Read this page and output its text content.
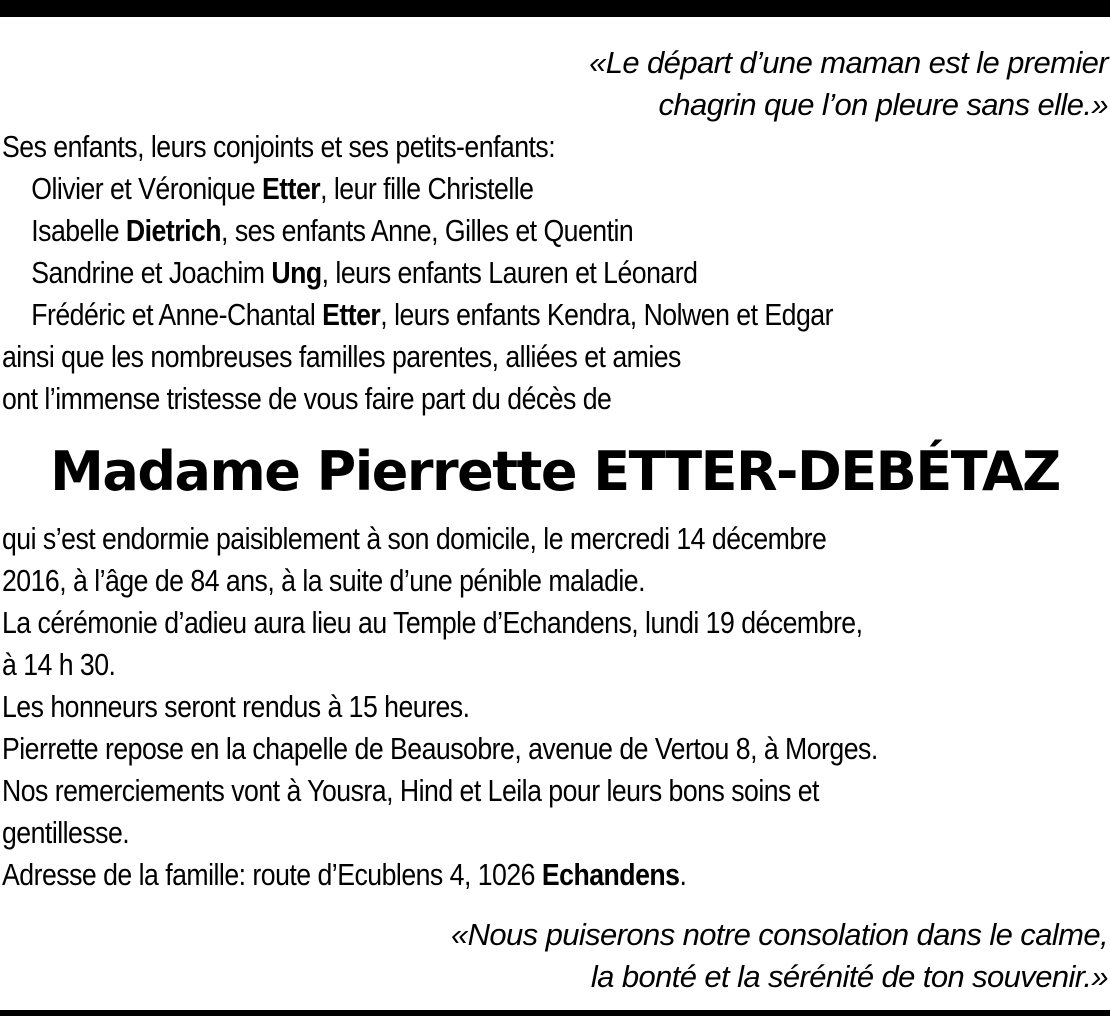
«Le départ d’une maman est le premier
chagrin que l’on pleure sans elle.»
Ses enfants, leurs conjoints et ses petits-enfants:
Olivier et Véronique Etter, leur fille Christelle
Isabelle Dietrich, ses enfants Anne, Gilles et Quentin
Sandrine et Joachim Ung, leurs enfants Lauren et Léonard
Frédéric et Anne-Chantal Etter, leurs enfants Kendra, Nolwen et Edgar
ainsi que les nombreuses familles parentes, alliées et amies
ont l’immense tristesse de vous faire part du décès de
Madame Pierrette ETTER-DEBÉTAZ
qui s’est endormie paisiblement à son domicile, le mercredi 14 décembre
2016, à l’âge de 84 ans, à la suite d’une pénible maladie.
La cérémonie d’adieu aura lieu au Temple d’Echandens, lundi 19 décembre,
à 14 h 30.
Les honneurs seront rendus à 15 heures.
Pierrette repose en la chapelle de Beausobre, avenue de Vertou 8, à Morges.
Nos remerciements vont à Yousra, Hind et Leila pour leurs bons soins et
gentillesse.
Adresse de la famille: route d’Ecublens 4, 1026 Echandens.
«Nous puiserons notre consolation dans le calme,
la bonté et la sérénité de ton souvenir.»
